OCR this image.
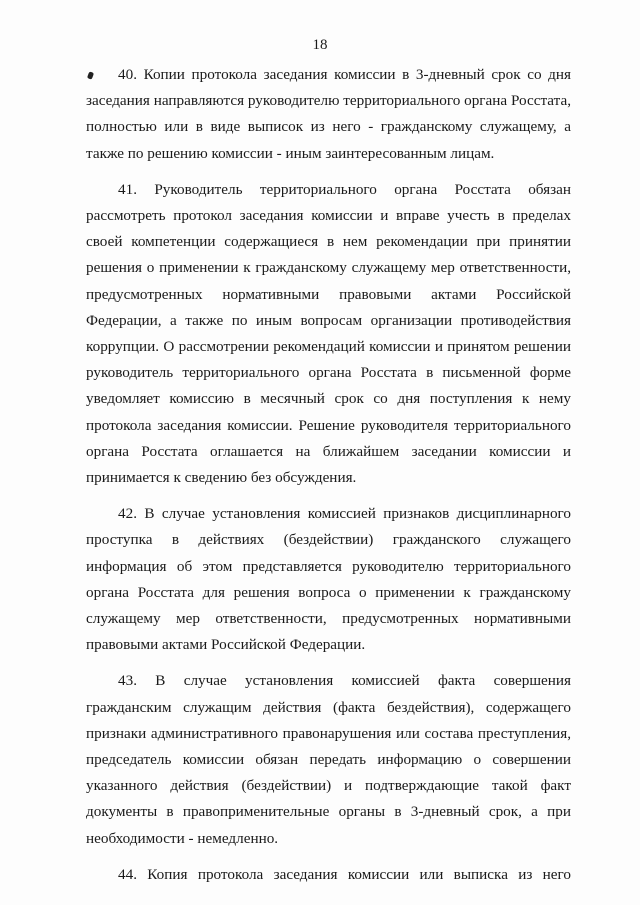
18

40. Копии протокола заседания комиссии в 3-дневный срок со дня заседания направляются руководителю территориального органа Росстата, полностью или в виде выписок из него - гражданскому служащему, а также по решению комиссии - иным заинтересованным лицам.

41. Руководитель территориального органа Росстата обязан рассмотреть протокол заседания комиссии и вправе учесть в пределах своей компетенции содержащиеся в нем рекомендации при принятии решения о применении к гражданскому служащему мер ответственности, предусмотренных нормативными правовыми актами Российской Федерации, а также по иным вопросам организации противодействия коррупции. О рассмотрении рекомендаций комиссии и принятом решении руководитель территориального органа Росстата в письменной форме уведомляет комиссию в месячный срок со дня поступления к нему протокола заседания комиссии. Решение руководителя территориального органа Росстата оглашается на ближайшем заседании комиссии и принимается к сведению без обсуждения.

42. В случае установления комиссией признаков дисциплинарного проступка в действиях (бездействии) гражданского служащего информация об этом представляется руководителю территориального органа Росстата для решения вопроса о применении к гражданскому служащему мер ответственности, предусмотренных нормативными правовыми актами Российской Федерации.

43. В случае установления комиссией факта совершения гражданским служащим действия (факта бездействия), содержащего признаки административного правонарушения или состава преступления, председатель комиссии обязан передать информацию о совершении указанного действия (бездействии) и подтверждающие такой факт документы в правоприменительные органы в 3-дневный срок, а при необходимости - немедленно.

44. Копия протокола заседания комиссии или выписка из него
